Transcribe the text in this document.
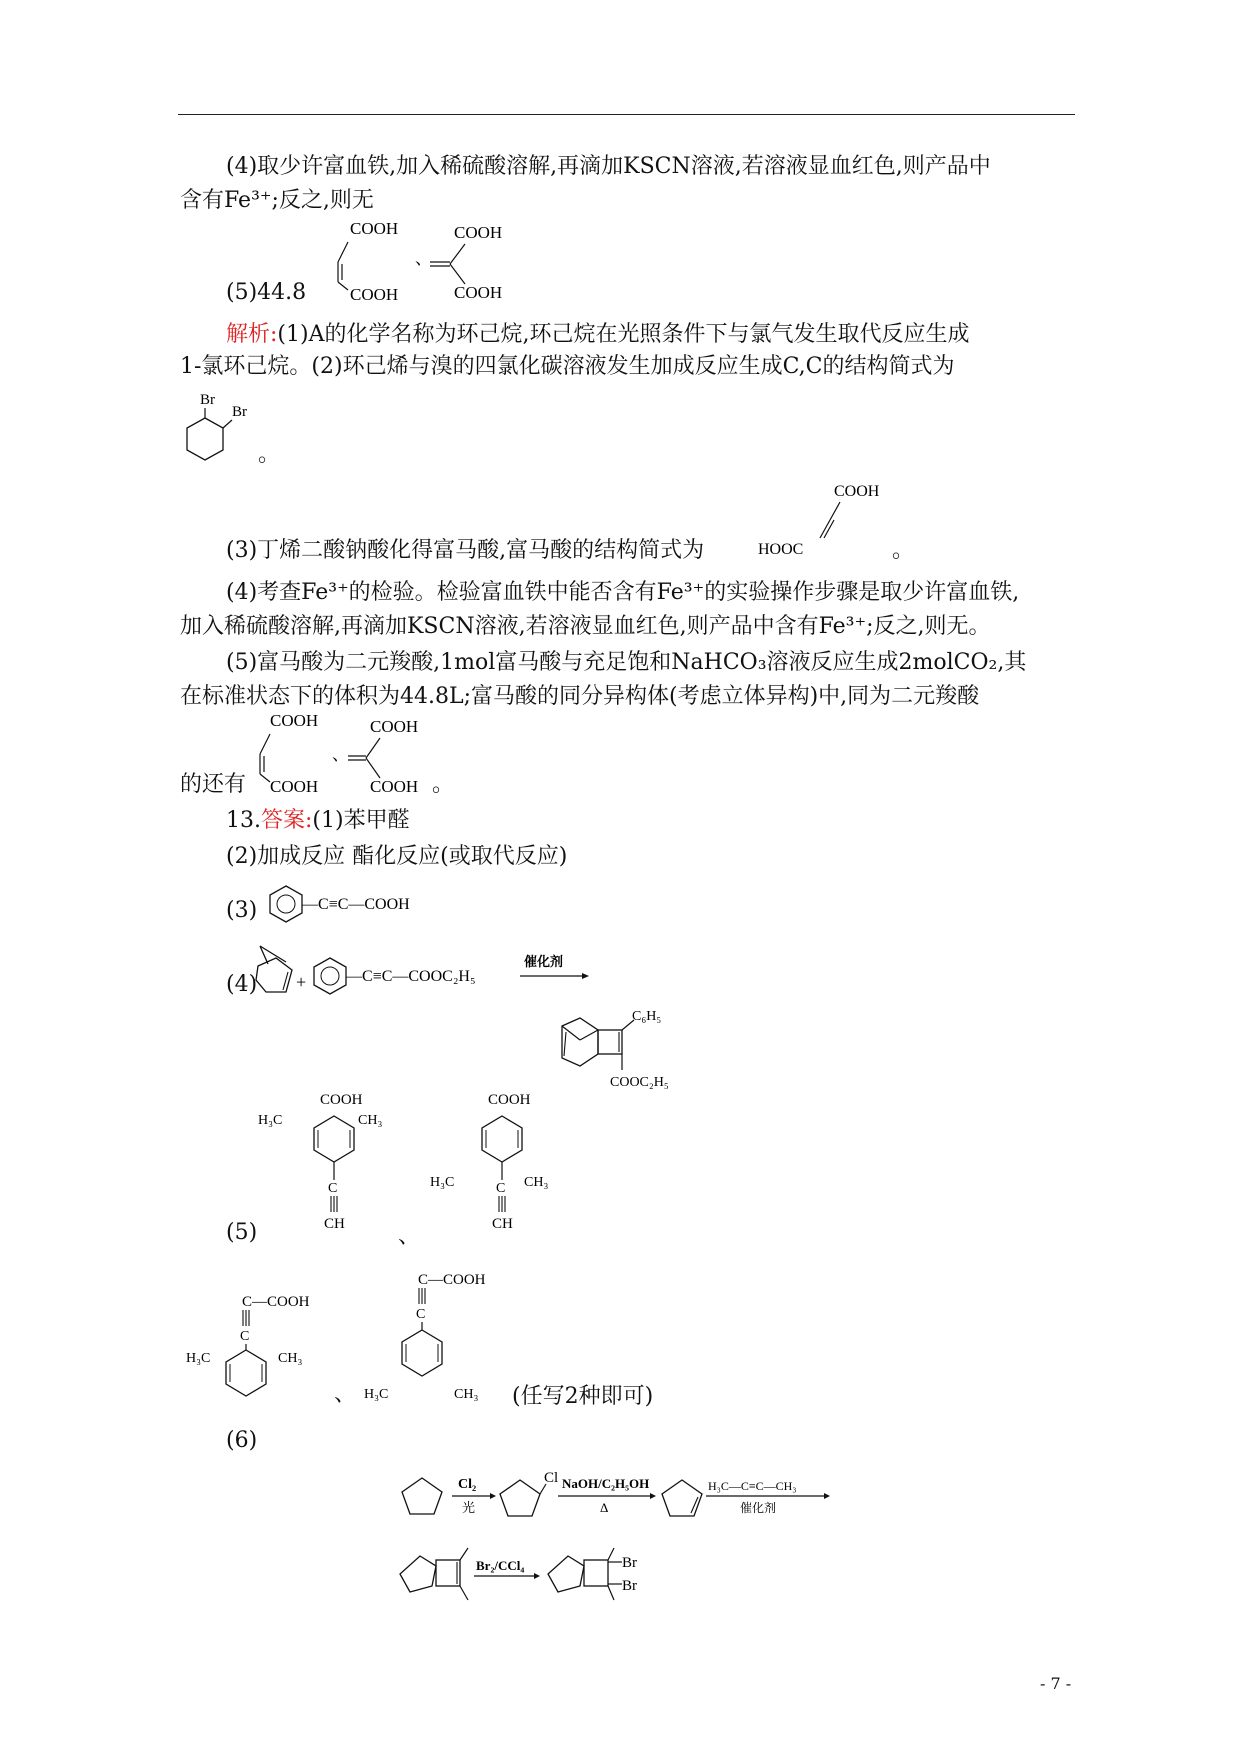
(4)取少许富血铁,加入稀硫酸溶解,再滴加KSCN溶液,若溶液显血红色,则产品中
含有Fe³⁺;反之,则无
COOH
COOH
、
COOH
COOH
(5)44.8
解析:(1)A的化学名称为环己烷,环己烷在光照条件下与氯气发生取代反应生成
1-氯环己烷。(2)环己烯与溴的四氯化碳溶液发生加成反应生成C,C的结构简式为
Br
Br
。
COOH
HOOC
(3)丁烯二酸钠酸化得富马酸,富马酸的结构简式为	。
(4)考查Fe³⁺的检验。检验富血铁中能否含有Fe³⁺的实验操作步骤是取少许富血铁,
加入稀硫酸溶解,再滴加KSCN溶液,若溶液显血红色,则产品中含有Fe³⁺;反之,则无。
(5)富马酸为二元羧酸,1mol富马酸与充足饱和NaHCO₃溶液反应生成2molCO₂,其
在标准状态下的体积为44.8L;富马酸的同分异构体(考虑立体异构)中,同为二元羧酸
COOH
COOH
、
COOH
COOH
的还有	。
13.答案:(1)苯甲醛
(2)加成反应 酯化反应(或取代反应)
(3)	—C≡C—COOH
(4) + —C≡C—COOC₂H₅
催化剂
C₆H₅
COOC₂H₅
COOH
H₃C	CH₃
C
CH
(5)	、
COOH
H₃C	CH₃
C
CH
C—COOH
C
H₃C	CH₃
、
C—COOH
C
H₃C	CH₃ (任写2种即可)
(6)
Cl₂
光
Cl NaOH/C₂H₅OH
Δ
H₃C—C≡C—CH₃
催化剂
Br₂/CCl₄	Br
Br
- 7 -
